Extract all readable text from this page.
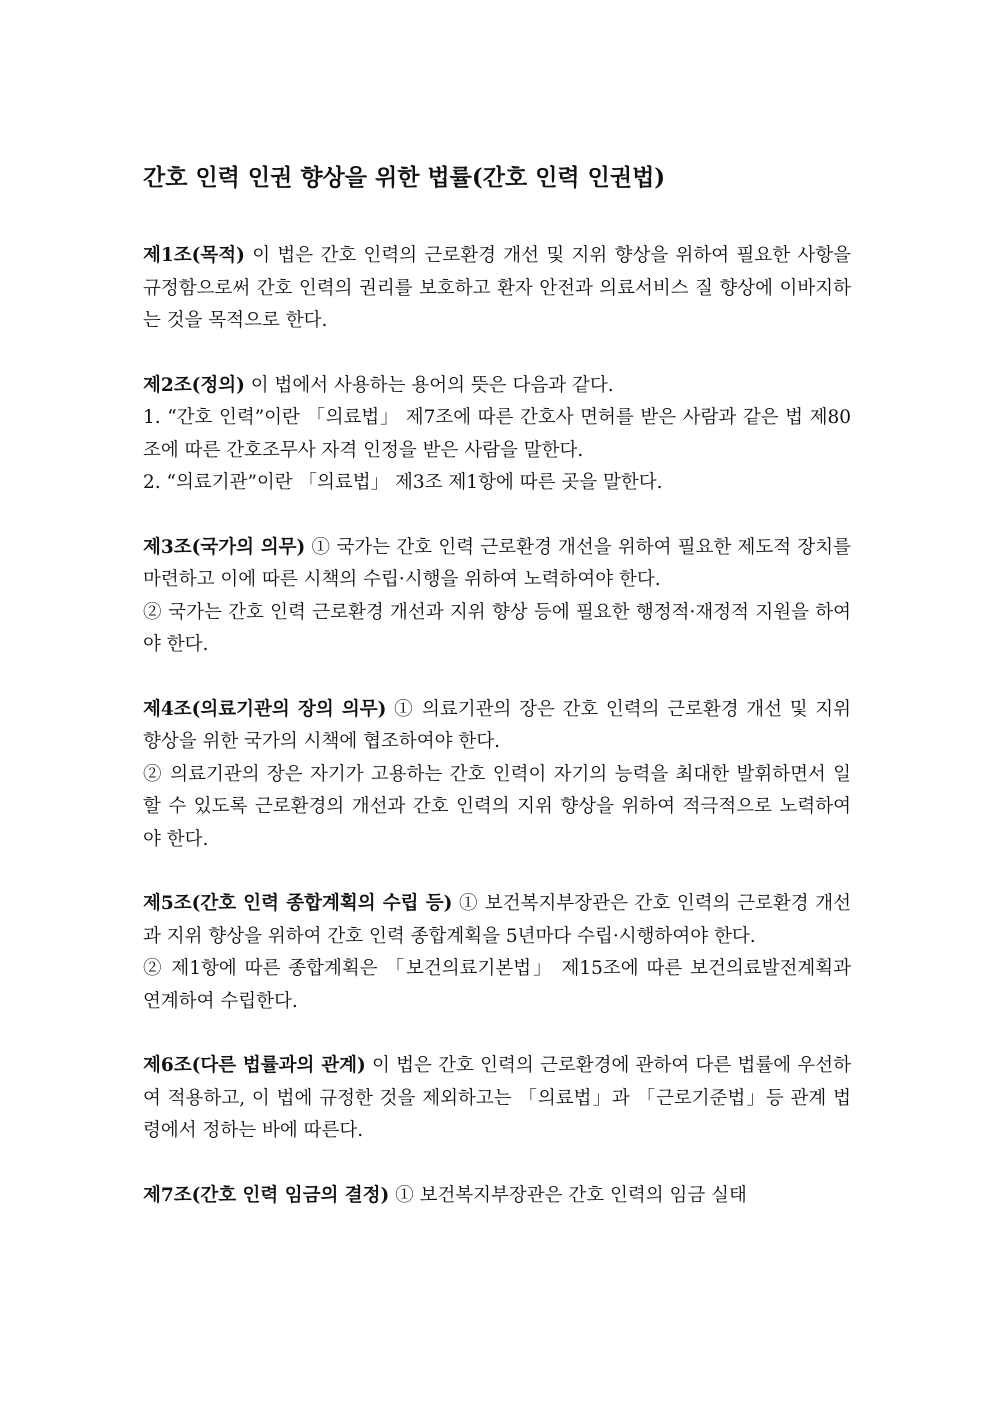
간호 인력 인권 향상을 위한 법률(간호 인력 인권법)

제1조(목적) 이 법은 간호 인력의 근로환경 개선 및 지위 향상을 위하여 필요한 사항을 규정함으로써 간호 인력의 권리를 보호하고 환자 안전과 의료서비스 질 향상에 이바지하는 것을 목적으로 한다.

제2조(정의) 이 법에서 사용하는 용어의 뜻은 다음과 같다.

1. “간호 인력”이란 「의료법」 제7조에 따른 간호사 면허를 받은 사람과 같은 법 제80조에 따른 간호조무사 자격 인정을 받은 사람을 말한다.

2. “의료기관”이란 「의료법」 제3조 제1항에 따른 곳을 말한다.

제3조(국가의 의무) ① 국가는 간호 인력 근로환경 개선을 위하여 필요한 제도적 장치를 마련하고 이에 따른 시책의 수립·시행을 위하여 노력하여야 한다.

② 국가는 간호 인력 근로환경 개선과 지위 향상 등에 필요한 행정적·재정적 지원을 하여야 한다.

제4조(의료기관의 장의 의무) ① 의료기관의 장은 간호 인력의 근로환경 개선 및 지위 향상을 위한 국가의 시책에 협조하여야 한다.

② 의료기관의 장은 자기가 고용하는 간호 인력이 자기의 능력을 최대한 발휘하면서 일할 수 있도록 근로환경의 개선과 간호 인력의 지위 향상을 위하여 적극적으로 노력하여야 한다.

제5조(간호 인력 종합계획의 수립 등) ① 보건복지부장관은 간호 인력의 근로환경 개선과 지위 향상을 위하여 간호 인력 종합계획을 5년마다 수립·시행하여야 한다.

② 제1항에 따른 종합계획은 「보건의료기본법」 제15조에 따른 보건의료발전계획과 연계하여 수립한다.

제6조(다른 법률과의 관계) 이 법은 간호 인력의 근로환경에 관하여 다른 법률에 우선하여 적용하고, 이 법에 규정한 것을 제외하고는 「의료법」과 「근로기준법」등 관계 법령에서 정하는 바에 따른다.

제7조(간호 인력 임금의 결정) ① 보건복지부장관은 간호 인력의 임금 실태
